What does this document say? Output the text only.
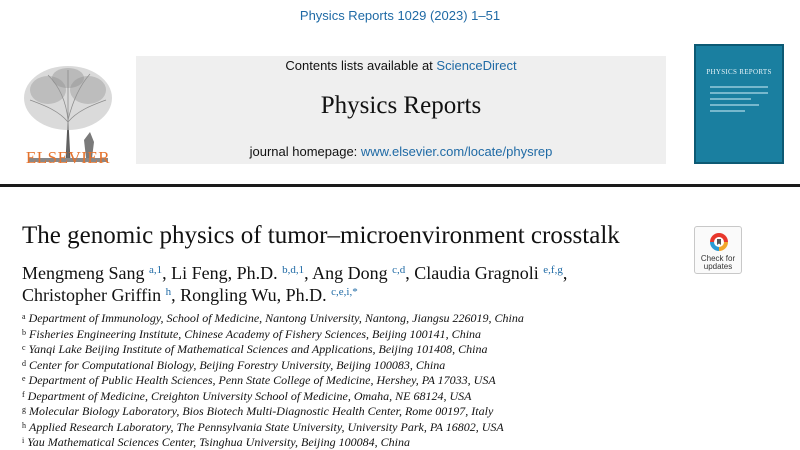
Physics Reports 1029 (2023) 1–51
ELSEVIER
Contents lists available at ScienceDirect
Physics Reports
journal homepage: www.elsevier.com/locate/physrep
PHYSICS REPORTS
The genomic physics of tumor–microenvironment crosstalk
Check for updates
Mengmeng Sang $^{a,1}$, Li Feng, Ph.D. $^{b,d,1}$, Ang Dong $^{c,d}$, Claudia Gragnoli $^{e,f,g}$,
Christopher Griffin $^h$, Rongling Wu, Ph.D. $^{c,e,i,*}$
$^a$ Department of Immunology, School of Medicine, Nantong University, Nantong, Jiangsu 226019, China
$^b$ Fisheries Engineering Institute, Chinese Academy of Fishery Sciences, Beijing 100141, China
$^c$ Yanqi Lake Beijing Institute of Mathematical Sciences and Applications, Beijing 101408, China
$^d$ Center for Computational Biology, Beijing Forestry University, Beijing 100083, China
$^e$ Department of Public Health Sciences, Penn State College of Medicine, Hershey, PA 17033, USA
$^f$ Department of Medicine, Creighton University School of Medicine, Omaha, NE 68124, USA
$^g$ Molecular Biology Laboratory, Bios Biotech Multi-Diagnostic Health Center, Rome 00197, Italy
$^h$ Applied Research Laboratory, The Pennsylvania State University, University Park, PA 16802, USA
$^i$ Yau Mathematical Sciences Center, Tsinghua University, Beijing 100084, China
